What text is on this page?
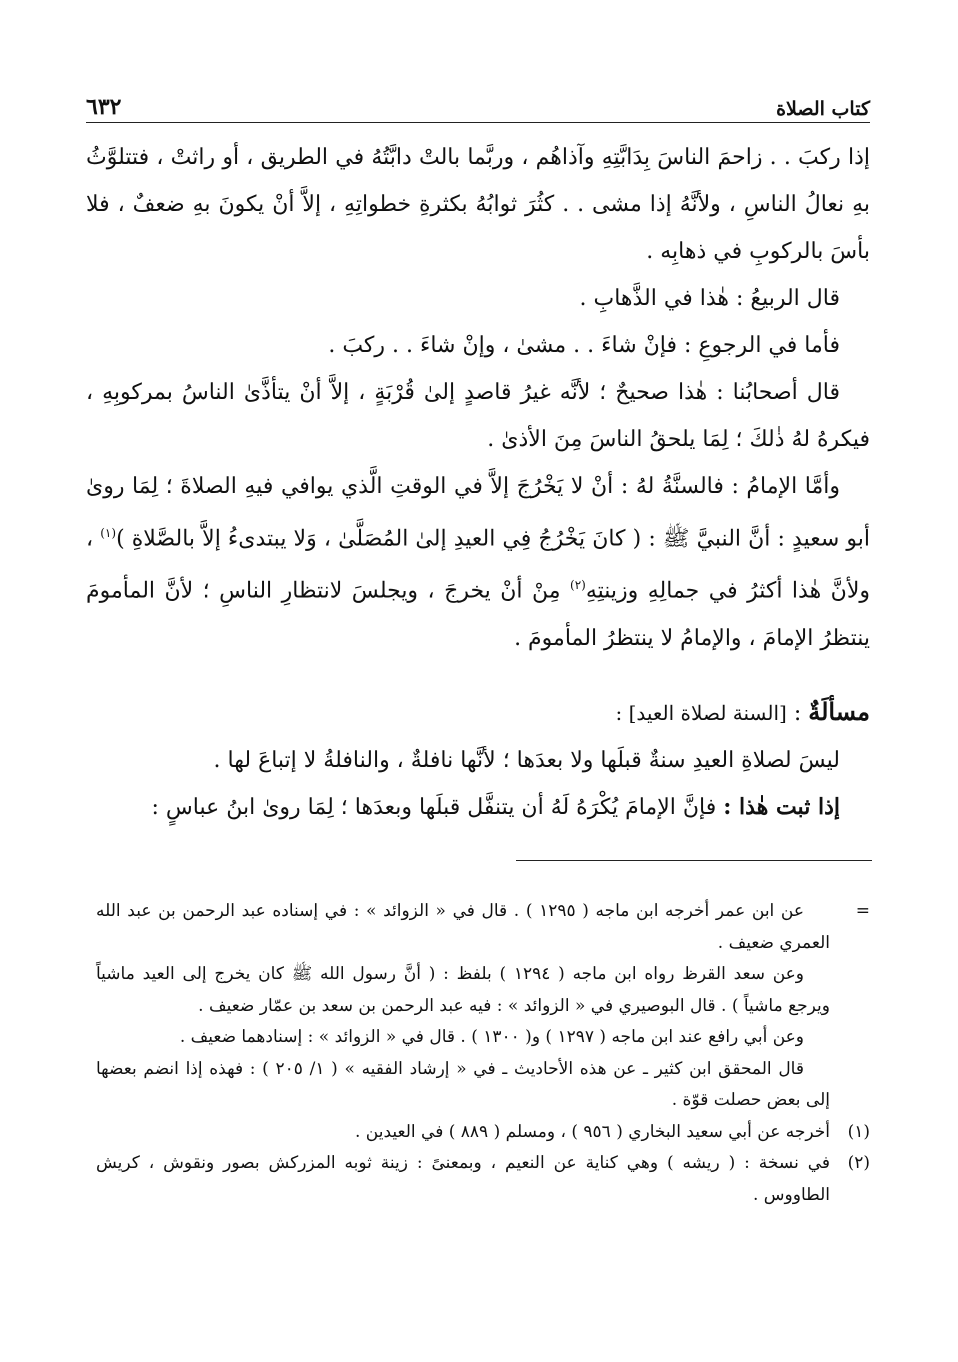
كتاب الصلاة
٦٣٢

إذا ركبَ . . زاحمَ الناسَ بِدَابَّتِهِ وآذاهُم ، وربَّما بالتْ دابَّتُهُ في الطريق ، أو راثتْ ، فتتلوَّثُ بهِ نعالُ الناسِ ، ولأنَّهُ إذا مشى . . كثُرَ ثوابُهُ بكثرةِ خطواتِهِ ، إلاَّ أنْ يكونَ بهِ ضعفٌ ، فلا بأسَ بالركوبِ في ذهابِه .

قال الربيعُ : هٰذا في الذَّهابِ .

فأما في الرجوعِ : فإنْ شاءَ . . مشىٰ ، وإنْ شاءَ . . ركبَ .

قال أصحابُنا : هٰذا صحيحٌ ؛ لأنَّه غيرُ قاصدٍ إلىٰ قُرْبَةٍ ، إلاَّ أنْ يتأذَّىٰ الناسُ بمركوبِهِ ، فيكرهُ لهُ ذٰلكَ ؛ لِمَا يلحقُ الناسَ مِنَ الأذىٰ .

وأمَّا الإمامُ : فالسنَّةُ لهُ : أنْ لا يَخْرُجَ إلاَّ في الوقتِ الَّذي يوافي فيهِ الصلاةَ ؛ لِمَا روىٰ أبو سعيدٍ : أنَّ النبيَّ ﷺ : ( كانَ يَخْرُجُ فِي العيدِ إلىٰ المُصَلَّىٰ ، وَلا يبتدىءُ إلاَّ بالصَّلاةِ )$^{(١)}$ ، ولأنَّ هٰذا أكثرُ في جمالِهِ وزينتِهِ$^{(٢)}$ مِنْ أنْ يخرجَ ، ويجلسَ لانتظارِ الناسِ ؛ لأنَّ المأمومَ ينتظرُ الإمامَ ، والإمامُ لا ينتظرُ المأمومَ .

مسألَةٌ : [السنة لصلاة العيد] :

ليسَ لصلاةِ العيدِ سنةٌ قبلَها ولا بعدَها ؛ لأنَّها نافلةٌ ، والنافلةُ لا إتباعَ لها .

إذا ثبت هٰذا : فإنَّ الإمامَ يُكْرَهُ لَهُ أن يتنفَّل قبلَها وبعدَها ؛ لِمَا روىٰ ابنُ عباسٍ :

=

عن ابن عمر أخرجه ابن ماجه ( ١٢٩٥ ) . قال في « الزوائد » : في إسناده عبد الرحمن بن عبد الله العمري ضعيف .

وعن سعد القرظ رواه ابن ماجه ( ١٢٩٤ ) بلفظ : ( أنَّ رسول الله ﷺ كان يخرج إلى العيد ماشياً ويرجع ماشياً ) . قال البوصيري في « الزوائد » : فيه عبد الرحمن بن سعد بن عمّار ضعيف .

وعن أبي رافع عند ابن ماجه ( ١٢٩٧ ) و( ١٣٠٠ ) . قال في « الزوائد » : إسنادهما ضعيف .

قال المحقق ابن كثير ـ عن هذه الأحاديث ـ في « إرشاد الفقيه » ( ١/ ٢٠٥ ) : فهذه إذا انضم بعضها إلى بعض حصلت قوّة .

(١)

أخرجه عن أبي سعيد البخاري ( ٩٥٦ ) ، ومسلم ( ٨٨٩ ) في العيدين .

(٢)

في نسخة : ( ريشه ) وهي كناية عن النعيم ، وبمعنىً : زينة ثوبه المزركش بصور ونقوش ، كريش الطاووس .
